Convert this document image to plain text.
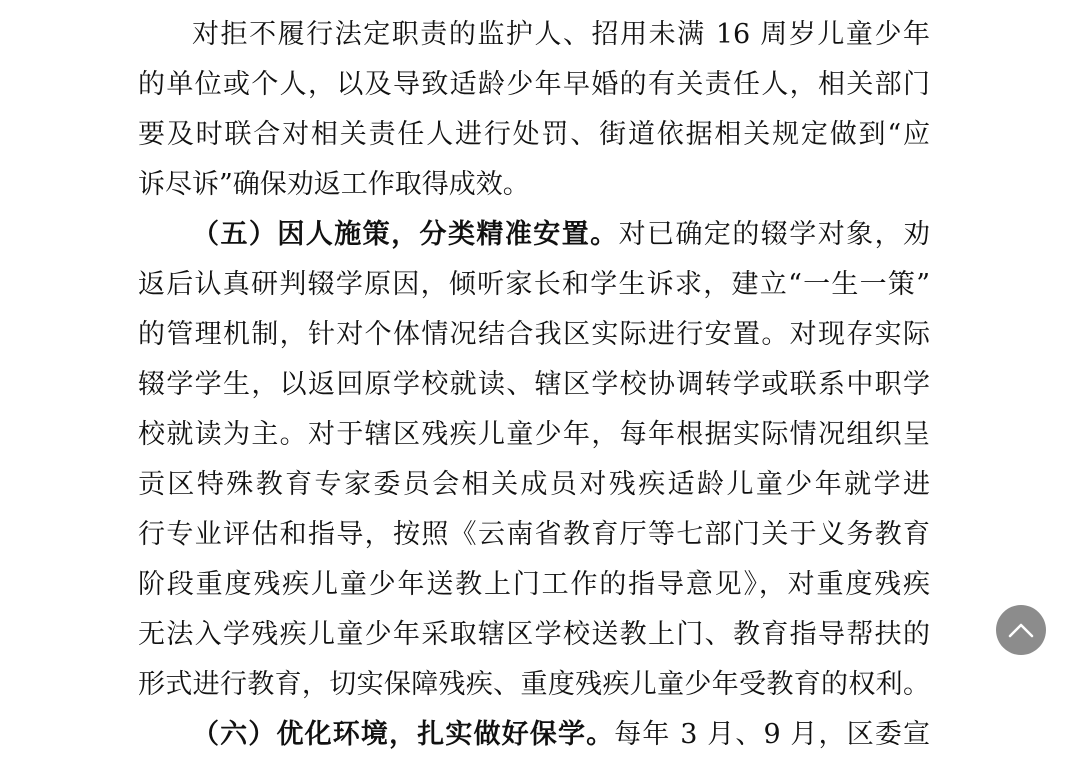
对拒不履行法定职责的监护人、招用未满 16 周岁儿童少年
的单位或个人，以及导致适龄少年早婚的有关责任人，相关部门
要及时联合对相关责任人进行处罚、街道依据相关规定做到“应
诉尽诉”确保劝返工作取得成效。
（五）因人施策，分类精准安置。对已确定的辍学对象，劝
返后认真研判辍学原因，倾听家长和学生诉求，建立“一生一策”
的管理机制，针对个体情况结合我区实际进行安置。对现存实际
辍学学生，以返回原学校就读、辖区学校协调转学或联系中职学
校就读为主。对于辖区残疾儿童少年，每年根据实际情况组织呈
贡区特殊教育专家委员会相关成员对残疾适龄儿童少年就学进
行专业评估和指导，按照《云南省教育厅等七部门关于义务教育
阶段重度残疾儿童少年送教上门工作的指导意见》，对重度残疾
无法入学残疾儿童少年采取辖区学校送教上门、教育指导帮扶的
形式进行教育，切实保障残疾、重度残疾儿童少年受教育的权利。
（六）优化环境，扎实做好保学。每年 3 月、9 月，区委宣
